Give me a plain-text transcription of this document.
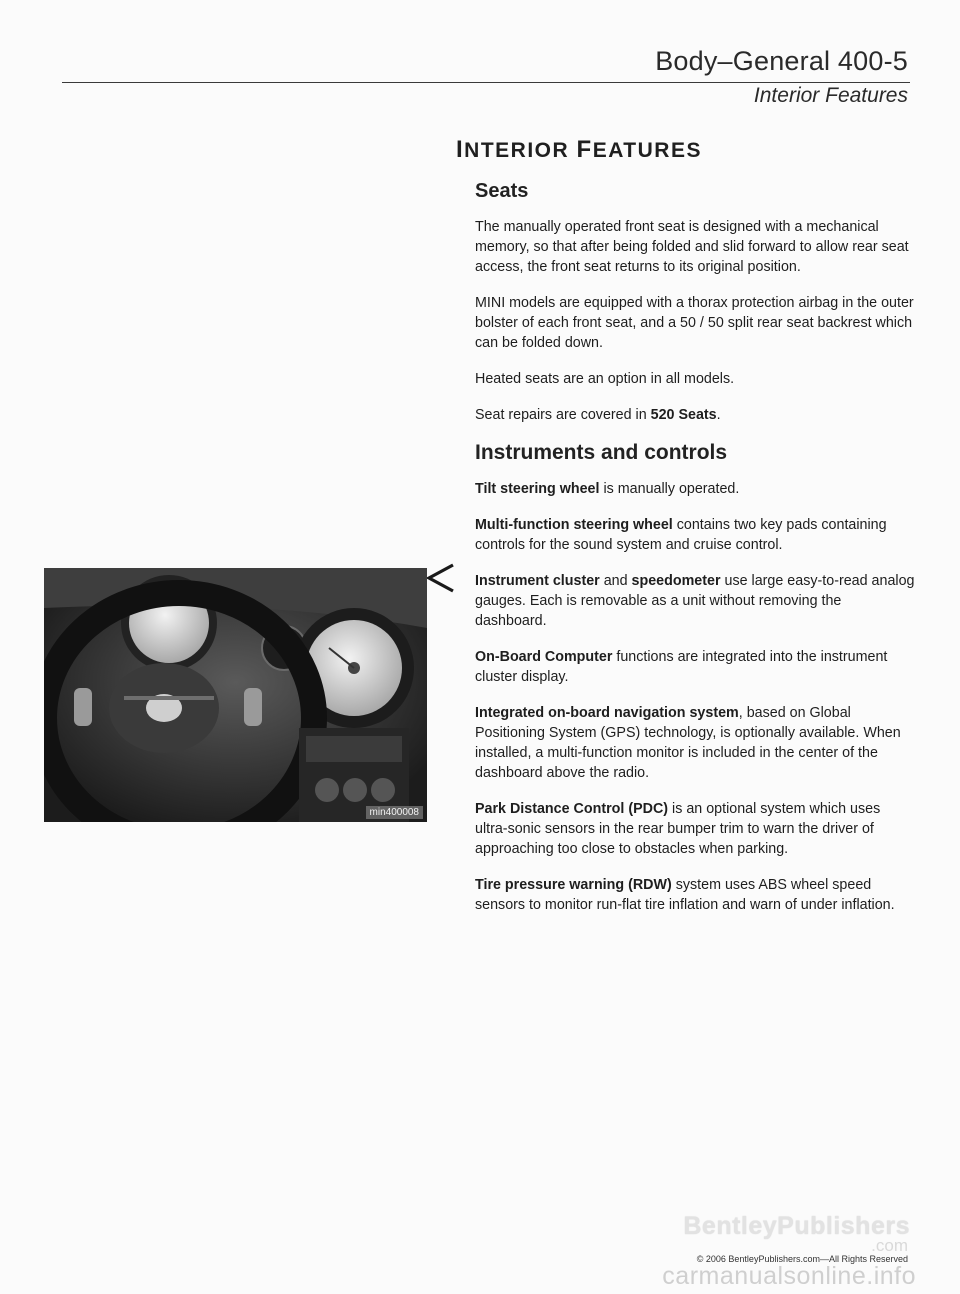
Body–General 400-5
Interior Features
INTERIOR FEATURES
Seats

The manually operated front seat is designed with a mechanical memory, so that after being folded and slid forward to allow rear seat access, the front seat returns to its original position.

MINI models are equipped with a thorax protection airbag in the outer bolster of each front seat, and a 50 / 50 split rear seat backrest which can be folded down.

Heated seats are an option in all models.

Seat repairs are covered in 520 Seats.

Instruments and controls

Tilt steering wheel is manually operated.

Multi-function steering wheel contains two key pads containing controls for the sound system and cruise control.

Instrument cluster and speedometer use large easy-to-read analog gauges. Each is removable as a unit without removing the dashboard.

On-Board Computer functions are integrated into the instrument cluster display.

Integrated on-board navigation system, based on Global Positioning System (GPS) technology, is optionally available. When installed, a multi-function monitor is included in the center of the dashboard above the radio.

Park Distance Control (PDC) is an optional system which uses ultra-sonic sensors in the rear bumper trim to warn the driver of approaching too close to obstacles when parking.

Tire pressure warning (RDW) system uses ABS wheel speed sensors to monitor run-flat tire inflation and warn of under inflation.

min400008
BentleyPublishers
.com
© 2006 BentleyPublishers.com—All Rights Reserved
carmanualsonline.info
